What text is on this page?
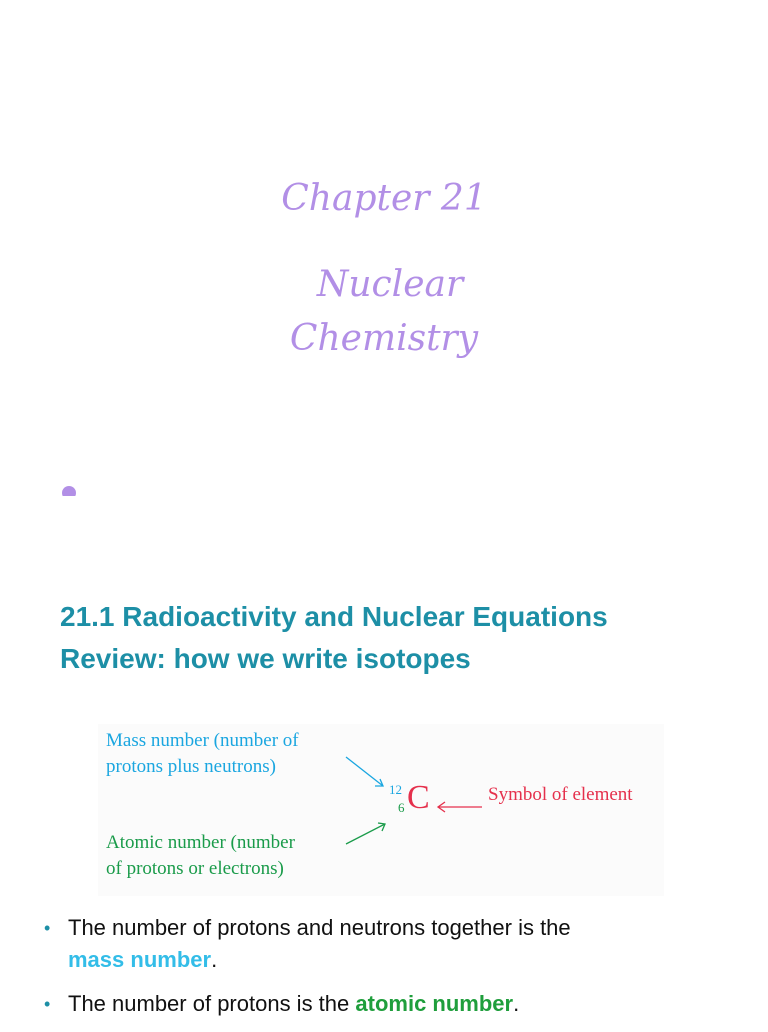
Chapter 21
Nuclear
Chemistry
21.1 Radioactivity and Nuclear Equations
Review: how we write isotopes
Mass number (number of
protons plus neutrons)
Atomic number (number
of protons or electrons)
12
6 C	Symbol of element
• The number of protons and neutrons together is the
mass number.
• The number of protons is the atomic number.
